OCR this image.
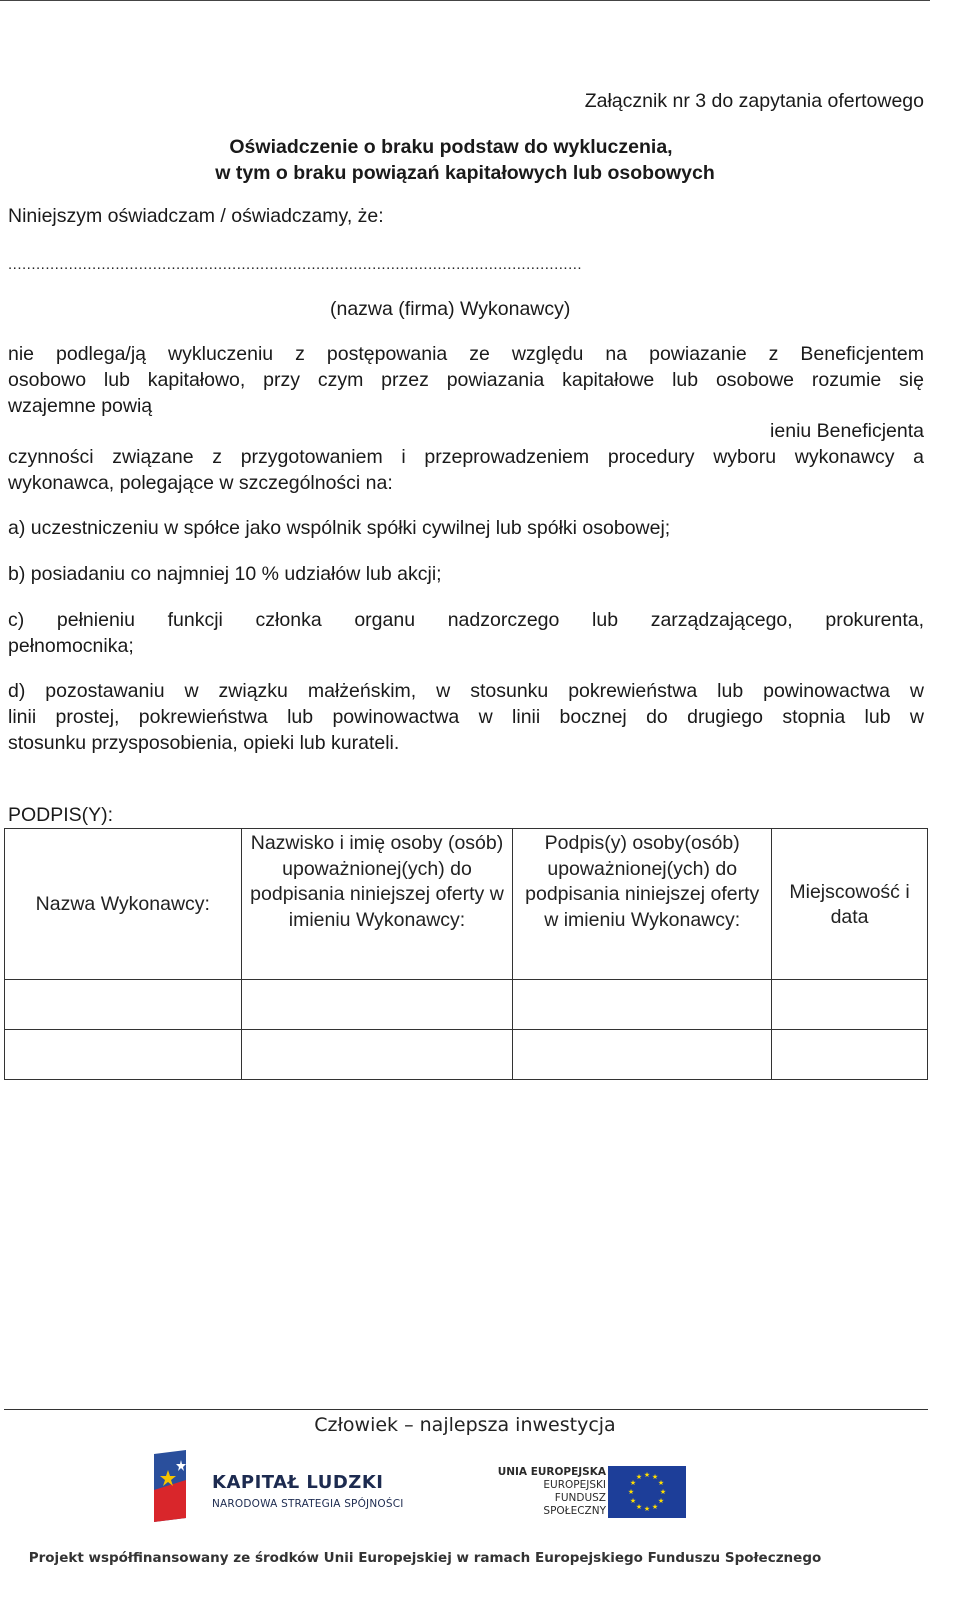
Załącznik nr 3 do zapytania ofertowego
Oświadczenie o braku podstaw do wykluczenia,
w tym o braku powiązań kapitałowych lub osobowych
Niniejszym oświadczam / oświadczamy, że:
...........................................................................................................................
(nazwa (firma) Wykonawcy)
nie podlega/ją wykluczeniu z postępowania ze względu na powiazanie z Beneficjentem
osobowo lub kapitałowo, przy czym przez powiazania kapitałowe lub osobowe rozumie się
wzajemne powią
ieniu Beneficjenta
czynności związane z przygotowaniem i przeprowadzeniem procedury wyboru wykonawcy a
wykonawca, polegające w szczególności na:
a) uczestniczeniu w spółce jako wspólnik spółki cywilnej lub spółki osobowej;
b) posiadaniu co najmniej 10 % udziałów lub akcji;
c) pełnieniu funkcji członka organu nadzorczego lub zarządzającego, prokurenta,
pełnomocnika;
d) pozostawaniu w związku małżeńskim, w stosunku pokrewieństwa lub powinowactwa w
linii prostej, pokrewieństwa lub powinowactwa w linii bocznej do drugiego stopnia lub w
stosunku przysposobienia, opieki lub kurateli.
PODPIS(Y):
Nazwa Wykonawcy:	Nazwisko i imię osoby (osób) upoważnionej(ych) do podpisania niniejszej oferty w imieniu Wykonawcy:	Podpis(y) osoby(osób) upoważnionej(ych) do podpisania niniejszej oferty w imieniu Wykonawcy:	Miejscowość i data

Człowiek – najlepsza inwestycja
KAPITAŁ LUDZKI
NARODOWA STRATEGIA SPÓJNOŚCI
UNIA EUROPEJSKA
EUROPEJSKI
FUNDUSZ SPOŁECZNY
★ ★
★
★
★
★
★
★
★
★
★
★
Projekt współfinansowany ze środków Unii Europejskiej w ramach Europejskiego Funduszu Społecznego
